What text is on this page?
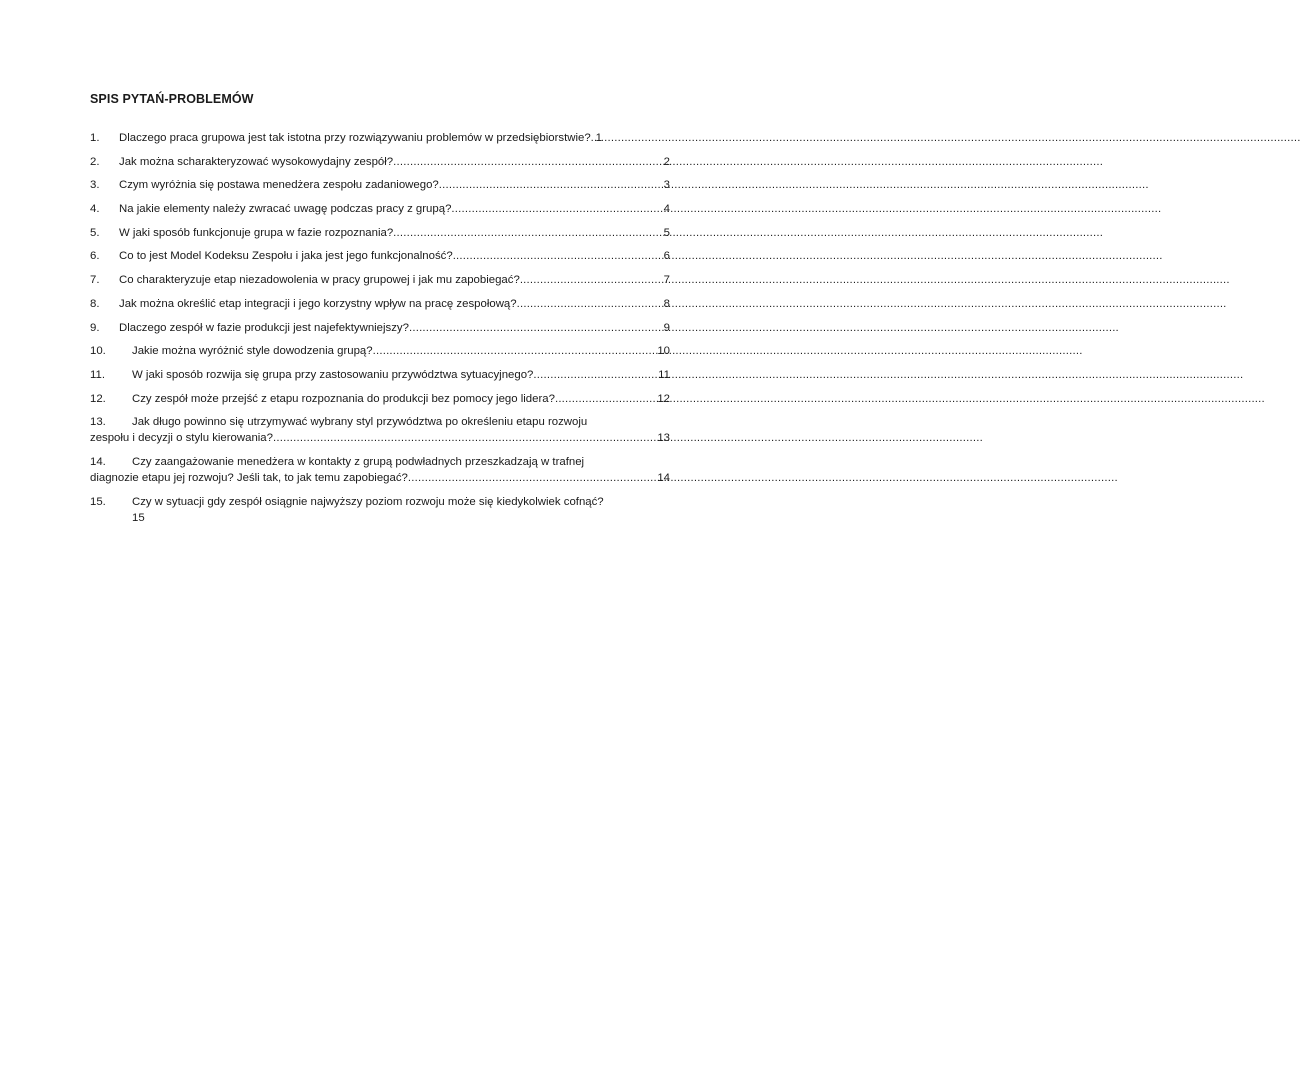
SPIS PYTAŃ-PROBLEMÓW
1.	Dlaczego praca grupowa jest tak istotna przy rozwiązywaniu problemów w przedsiębiorstwie? ..... 1
2.	Jak można scharakteryzować wysokowydajny zespół? .....	2
3.	Czym wyróżnia się postawa menedżera zespołu zadaniowego? .....	3
4.	Na jakie elementy należy zwracać uwagę podczas pracy z grupą? .....	4
5.	W jaki sposób funkcjonuje grupa w fazie rozpoznania? .....	5
6.	Co to jest Model Kodeksu Zespołu i jaka jest jego funkcjonalność? .....	6
7.	Co charakteryzuje etap niezadowolenia w pracy grupowej i jak mu zapobiegać? .....	7
8.	Jak można określić etap integracji i jego korzystny wpływ na pracę zespołową? .....	8
9.	Dlaczego zespół w fazie produkcji jest najefektywniejszy? .....	9
10.	Jakie można wyróżnić style dowodzenia grupą? .....	10
11.	W jaki sposób rozwija się grupa przy zastosowaniu przywództwa sytuacyjnego? .....	11
12.	Czy zespół może przejść z etapu rozpoznania do produkcji bez pomocy jego lidera? .....	12
13. Jak długo powinno się utrzymywać wybrany styl przywództwa po określeniu etapu rozwoju
zespołu i decyzji o stylu kierowania? .....	13
14. Czy zaangażowanie menedżera w kontakty z grupą podwładnych przeszkadzają w trafnej
diagnozie etapu jej rozwoju? Jeśli tak, to jak temu zapobiegać? .....	14
15. Czy w sytuacji gdy zespół osiągnie najwyższy poziom rozwoju może się kiedykolwiek cofnąć?
15
